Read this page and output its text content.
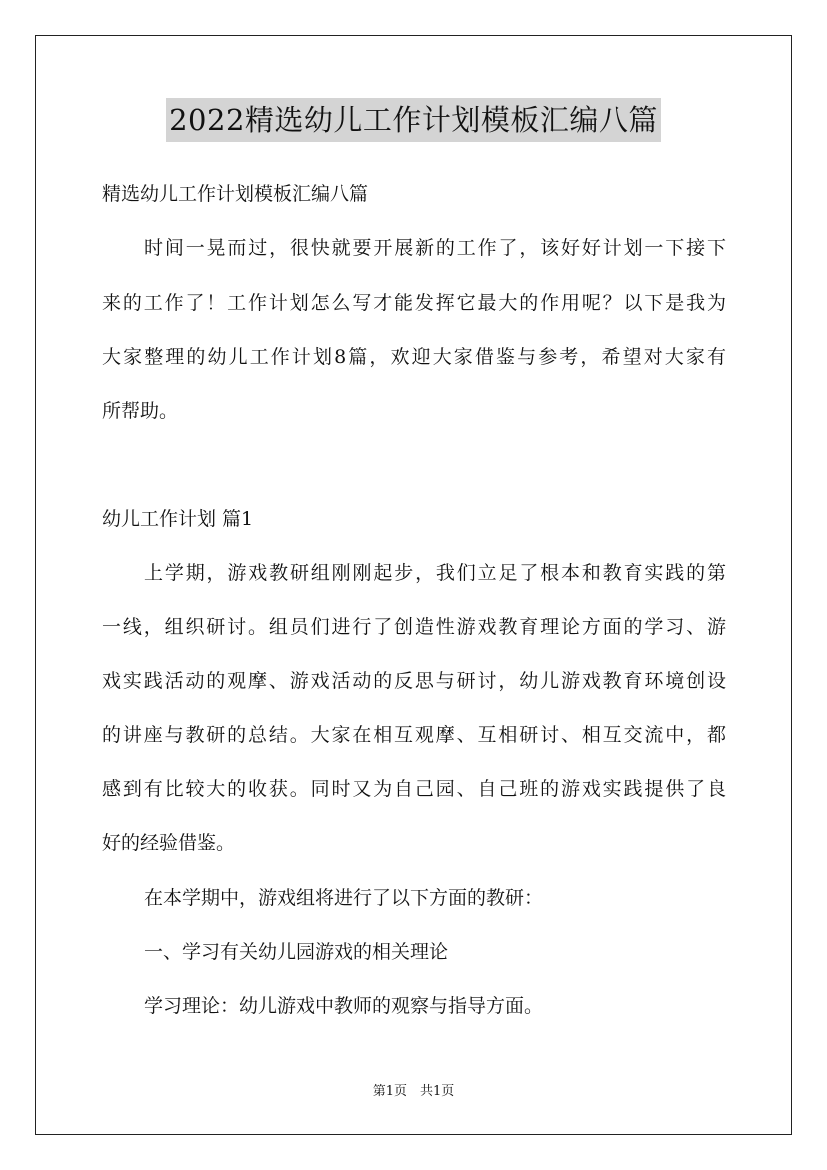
2022精选幼儿工作计划模板汇编八篇
精选幼儿工作计划模板汇编八篇
时间一晃而过，很快就要开展新的工作了，该好好计划一下接下
来的工作了！工作计划怎么写才能发挥它最大的作用呢？以下是我为
大家整理的幼儿工作计划8篇，欢迎大家借鉴与参考，希望对大家有
所帮助。
幼儿工作计划 篇1
上学期，游戏教研组刚刚起步，我们立足了根本和教育实践的第
一线，组织研讨。组员们进行了创造性游戏教育理论方面的学习、游
戏实践活动的观摩、游戏活动的反思与研讨，幼儿游戏教育环境创设
的讲座与教研的总结。大家在相互观摩、互相研讨、相互交流中，都
感到有比较大的收获。同时又为自己园、自己班的游戏实践提供了良
好的经验借鉴。
在本学期中，游戏组将进行了以下方面的教研：
一、学习有关幼儿园游戏的相关理论
学习理论：幼儿游戏中教师的观察与指导方面。
第1页　共1页
